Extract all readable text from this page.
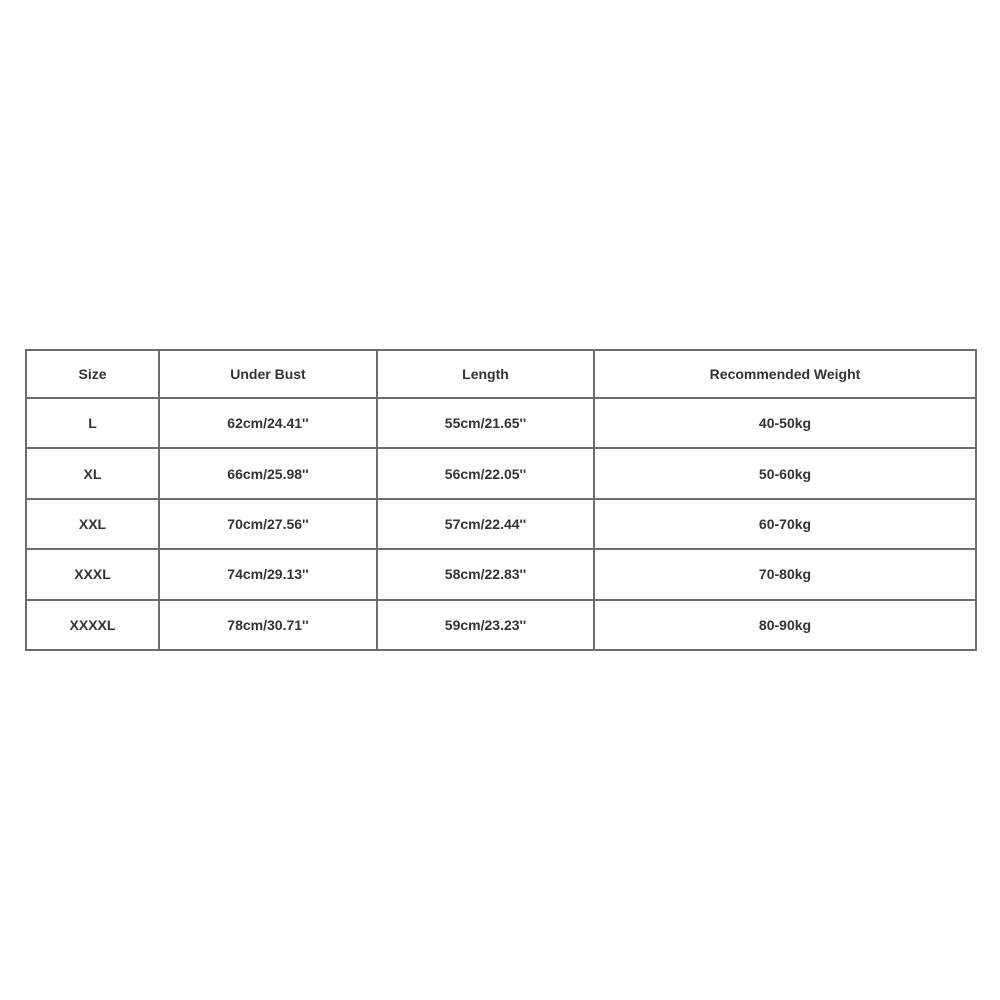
Size	Under Bust	Length	Recommended Weight
L	62cm/24.41''	55cm/21.65''	40-50kg
XL	66cm/25.98''	56cm/22.05''	50-60kg
XXL	70cm/27.56''	57cm/22.44''	60-70kg
XXXL	74cm/29.13''	58cm/22.83''	70-80kg
XXXXL	78cm/30.71''	59cm/23.23''	80-90kg
